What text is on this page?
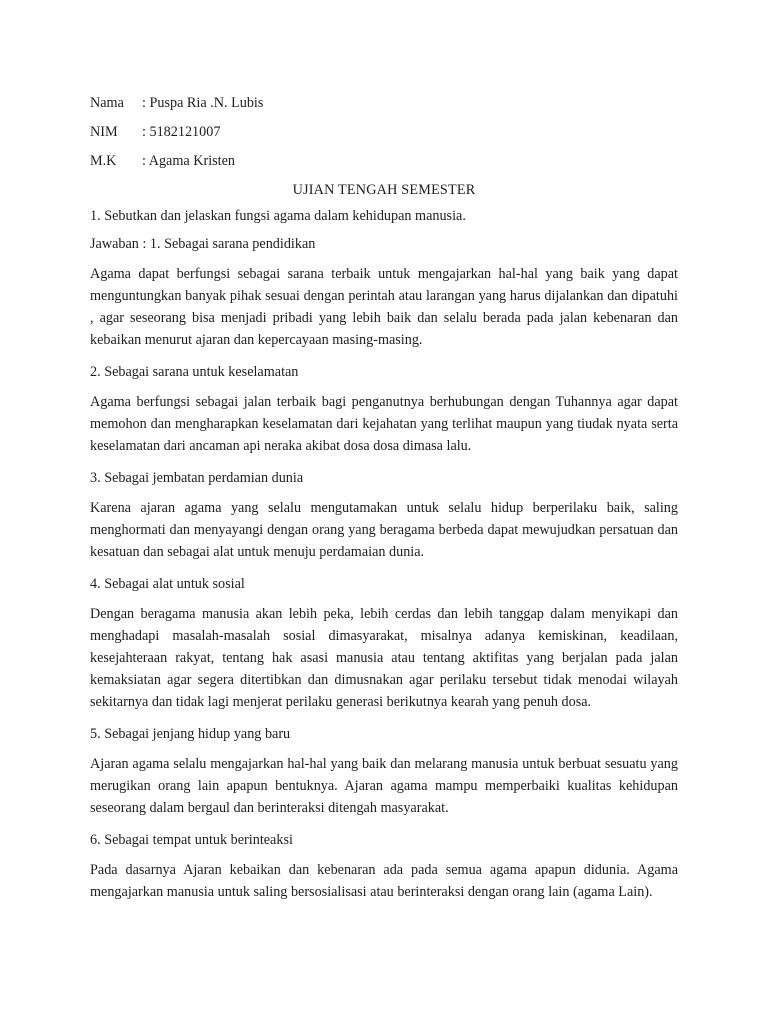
Nama	: Puspa Ria .N. Lubis
NIM	: 5182121007
M.K	: Agama Kristen
UJIAN TENGAH SEMESTER
1. Sebutkan dan jelaskan fungsi agama dalam kehidupan manusia.
Jawaban : 1. Sebagai sarana pendidikan

Agama dapat berfungsi sebagai sarana terbaik untuk mengajarkan hal-hal yang baik yang dapat menguntungkan banyak pihak sesuai dengan perintah atau larangan yang harus dijalankan dan dipatuhi , agar seseorang bisa menjadi pribadi yang lebih baik dan selalu berada pada jalan kebenaran dan kebaikan menurut ajaran dan kepercayaan masing-masing.

2. Sebagai sarana untuk keselamatan

Agama berfungsi sebagai jalan terbaik bagi penganutnya berhubungan dengan Tuhannya agar dapat memohon dan mengharapkan keselamatan dari kejahatan yang terlihat maupun yang tiudak nyata serta keselamatan dari ancaman api neraka akibat dosa dosa dimasa lalu.

3. Sebagai jembatan perdamian dunia

Karena ajaran agama yang selalu mengutamakan untuk selalu hidup berperilaku baik, saling menghormati dan menyayangi dengan orang yang beragama berbeda dapat mewujudkan persatuan dan kesatuan dan sebagai alat untuk menuju perdamaian dunia.

4. Sebagai alat untuk sosial

Dengan beragama manusia akan lebih peka, lebih cerdas dan lebih tanggap dalam menyikapi dan menghadapi masalah-masalah sosial dimasyarakat, misalnya adanya kemiskinan, keadilaan, kesejahteraan rakyat, tentang hak asasi manusia atau tentang aktifitas yang berjalan pada jalan kemaksiatan agar segera ditertibkan dan dimusnakan agar perilaku tersebut tidak menodai wilayah sekitarnya dan tidak lagi menjerat perilaku generasi berikutnya kearah yang penuh dosa.

5. Sebagai jenjang hidup yang baru

Ajaran agama selalu mengajarkan hal-hal yang baik dan melarang manusia untuk berbuat sesuatu yang merugikan orang lain apapun bentuknya. Ajaran agama mampu memperbaiki kualitas kehidupan seseorang dalam bergaul dan berinteraksi ditengah masyarakat.

6. Sebagai tempat untuk berinteaksi

Pada dasarnya Ajaran kebaikan dan kebenaran ada pada semua agama apapun didunia. Agama mengajarkan manusia untuk saling bersosialisasi atau berinteraksi dengan orang lain (agama Lain).
